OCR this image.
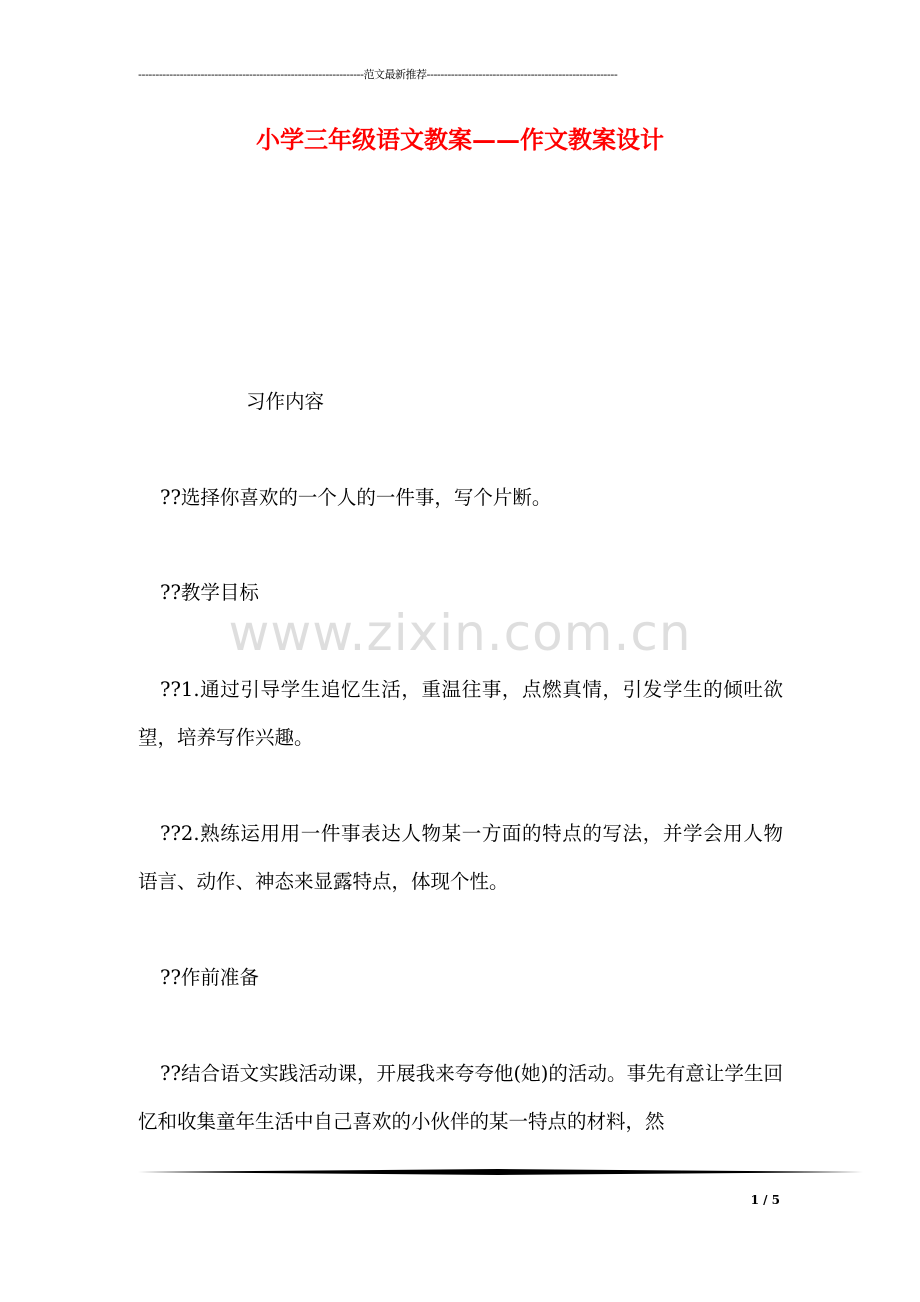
-----------------------------------------------------------------范文最新推荐-------------------------------------------------------
小学三年级语文教案——作文教案设计
习作内容
??选择你喜欢的一个人的一件事，写个片断。
??教学目标
??1.通过引导学生追忆生活，重温往事，点燃真情，引发学生的倾吐欲望，培养写作兴趣。
??2.熟练运用用一件事表达人物某一方面的特点的写法，并学会用人物语言、动作、神态来显露特点，体现个性。
??作前准备
??结合语文实践活动课，开展我来夸夸他(她)的活动。事先有意让学生回忆和收集童年生活中自己喜欢的小伙伴的某一特点的材料，然
www.zixin.com.cn
1 / 5
